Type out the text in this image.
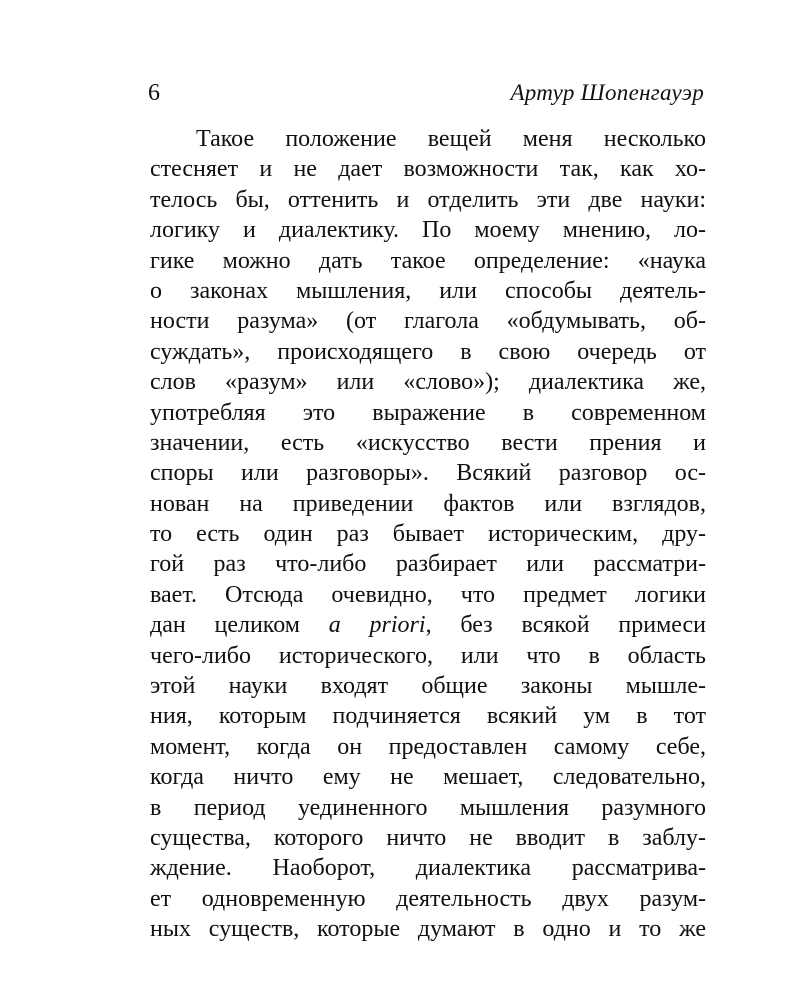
6	Артур Шопенгауэр
Такое положение вещей меня несколько
стесняет и не дает возможности так, как хо-
телось бы, оттенить и отделить эти две науки:
логику и диалектику. По моему мнению, ло-
гике можно дать такое определение: «наука
о законах мышления, или способы деятель-
ности разума» (от глагола «обдумывать, об-
суждать», происходящего в свою очередь от
слов «разум» или «слово»); диалектика же,
употребляя это выражение в современном
значении, есть «искусство вести прения и
споры или разговоры». Всякий разговор ос-
нован на приведении фактов или взглядов,
то есть один раз бывает историческим, дру-
гой раз что-либо разбирает или рассматри-
вает. Отсюда очевидно, что предмет логики
дан целиком a priori, без всякой примеси
чего-либо исторического, или что в область
этой науки входят общие законы мышле-
ния, которым подчиняется всякий ум в тот
момент, когда он предоставлен самому себе,
когда ничто ему не мешает, следовательно,
в период уединенного мышления разумного
существа, которого ничто не вводит в заблу-
ждение. Наоборот, диалектика рассматрива-
ет одновременную деятельность двух разум-
ных существ, которые думают в одно и то же
